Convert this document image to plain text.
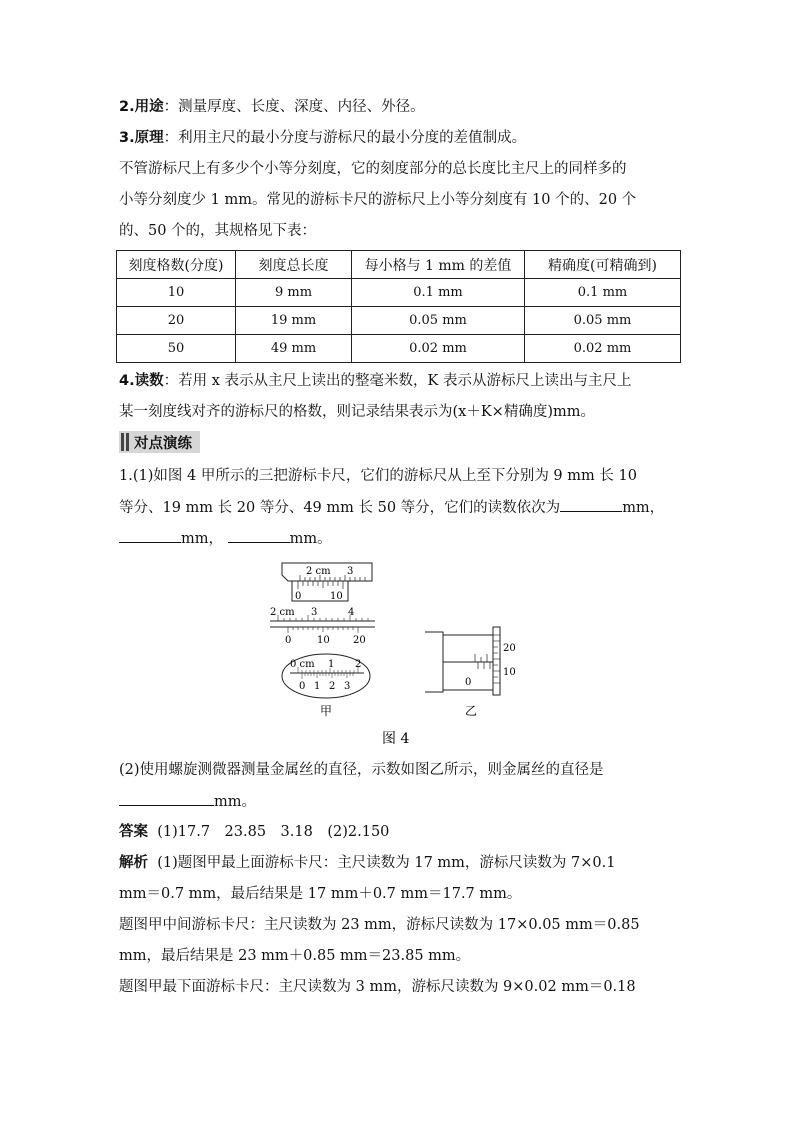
2.用途：测量厚度、长度、深度、内径、外径。
3.原理：利用主尺的最小分度与游标尺的最小分度的差值制成。
不管游标尺上有多少个小等分刻度，它的刻度部分的总长度比主尺上的同样多的
小等分刻度少 1 mm。常见的游标卡尺的游标尺上小等分刻度有 10 个的、20 个
的、50 个的，其规格见下表：
刻度格数(分度)	刻度总长度	每小格与 1 mm 的差值	精确度(可精确到)
10	9 mm	0.1 mm	0.1 mm
20	19 mm	0.05 mm	0.05 mm
50	49 mm	0.02 mm	0.02 mm
4.读数：若用 x 表示从主尺上读出的整毫米数，K 表示从游标尺上读出与主尺上
某一刻度线对齐的游标尺的格数，则记录结果表示为(x＋K×精确度)mm。
对点演练
1.(1)如图 4 甲所示的三把游标卡尺，它们的游标尺从上至下分别为 9 mm 长 10
等分、19 mm 长 20 等分、49 mm 长 50 等分，它们的读数依次为	mm，
mm，	mm。
2 cm 3
0	10
2 cm 3	4
0	10 20
0 cm 1 2
0 1 2 3
甲
0
20
10
乙
图 4
(2)使用螺旋测微器测量金属丝的直径，示数如图乙所示，则金属丝的直径是
mm。
答案 (1)17.7　23.85　3.18　(2)2.150
解析 (1)题图甲最上面游标卡尺：主尺读数为 17 mm，游标尺读数为 7×0.1
mm＝0.7 mm，最后结果是 17 mm＋0.7 mm＝17.7 mm。
题图甲中间游标卡尺：主尺读数为 23 mm，游标尺读数为 17×0.05 mm＝0.85
mm，最后结果是 23 mm＋0.85 mm＝23.85 mm。
题图甲最下面游标卡尺：主尺读数为 3 mm，游标尺读数为 9×0.02 mm＝0.18
